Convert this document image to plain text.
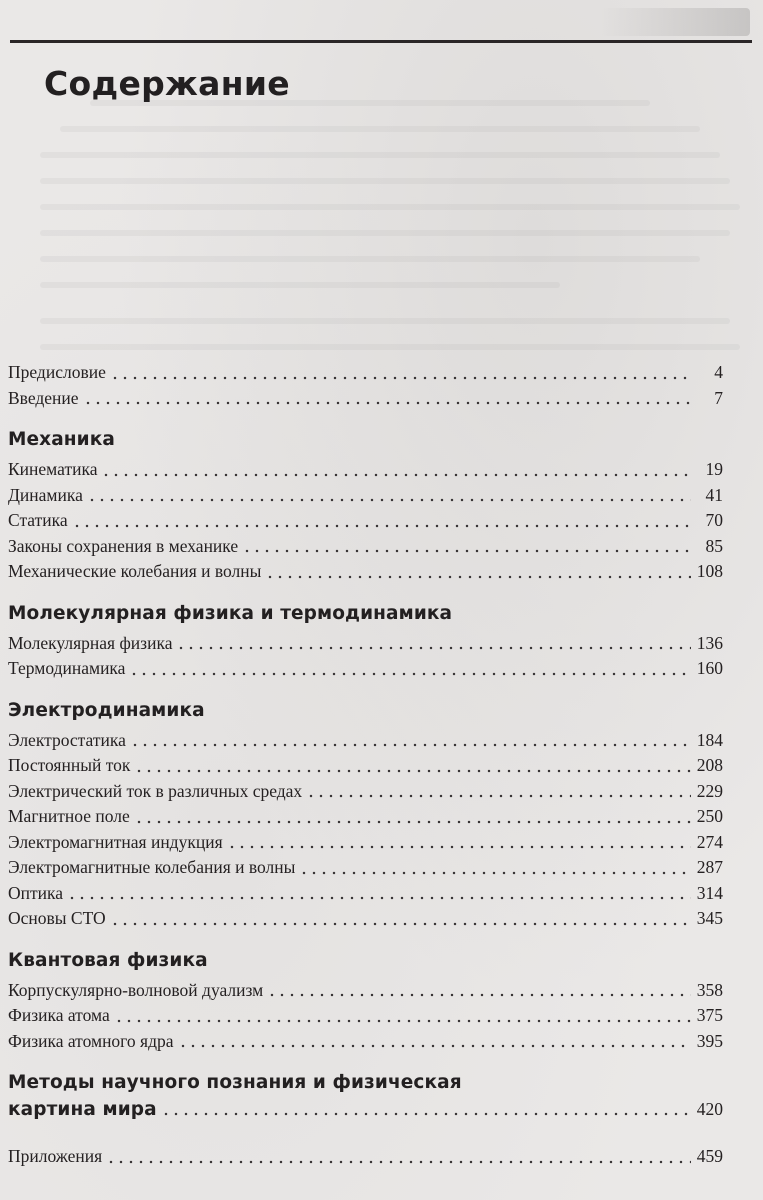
Содержание
Предисловие	4
Введение	7
Механика
Кинематика	19
Динамика	41
Статика	70
Законы сохранения в механике	85
Механические колебания и волны	108
Молекулярная физика и термодинамика
Молекулярная физика	136
Термодинамика	160
Электродинамика
Электростатика	184
Постоянный ток	208
Электрический ток в различных средах	229
Магнитное поле	250
Электромагнитная индукция	274
Электромагнитные колебания и волны	287
Оптика	314
Основы СТО	345
Квантовая физика
Корпускулярно-волновой дуализм	358
Физика атома	375
Физика атомного ядра	395
Методы научного познания и физическая
картина мира	420
Приложения	459
